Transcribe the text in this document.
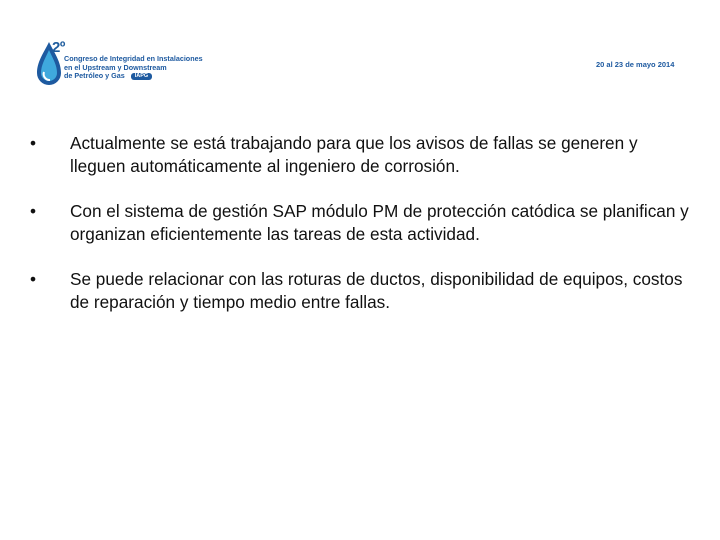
2º
Congreso de Integridad en Instalaciones
en el Upstream y Downstream
de Petróleo y Gas IAPG
20 al 23 de mayo 2014
•	Actualmente se está trabajando para que los avisos de fallas se generen y lleguen automáticamente al ingeniero de corrosión.
•	Con el sistema de gestión SAP módulo PM de protección catódica se planifican y organizan eficientemente las tareas de esta actividad.
•	Se puede relacionar con las roturas de ductos, disponibilidad de equipos, costos de reparación y tiempo medio entre fallas.
